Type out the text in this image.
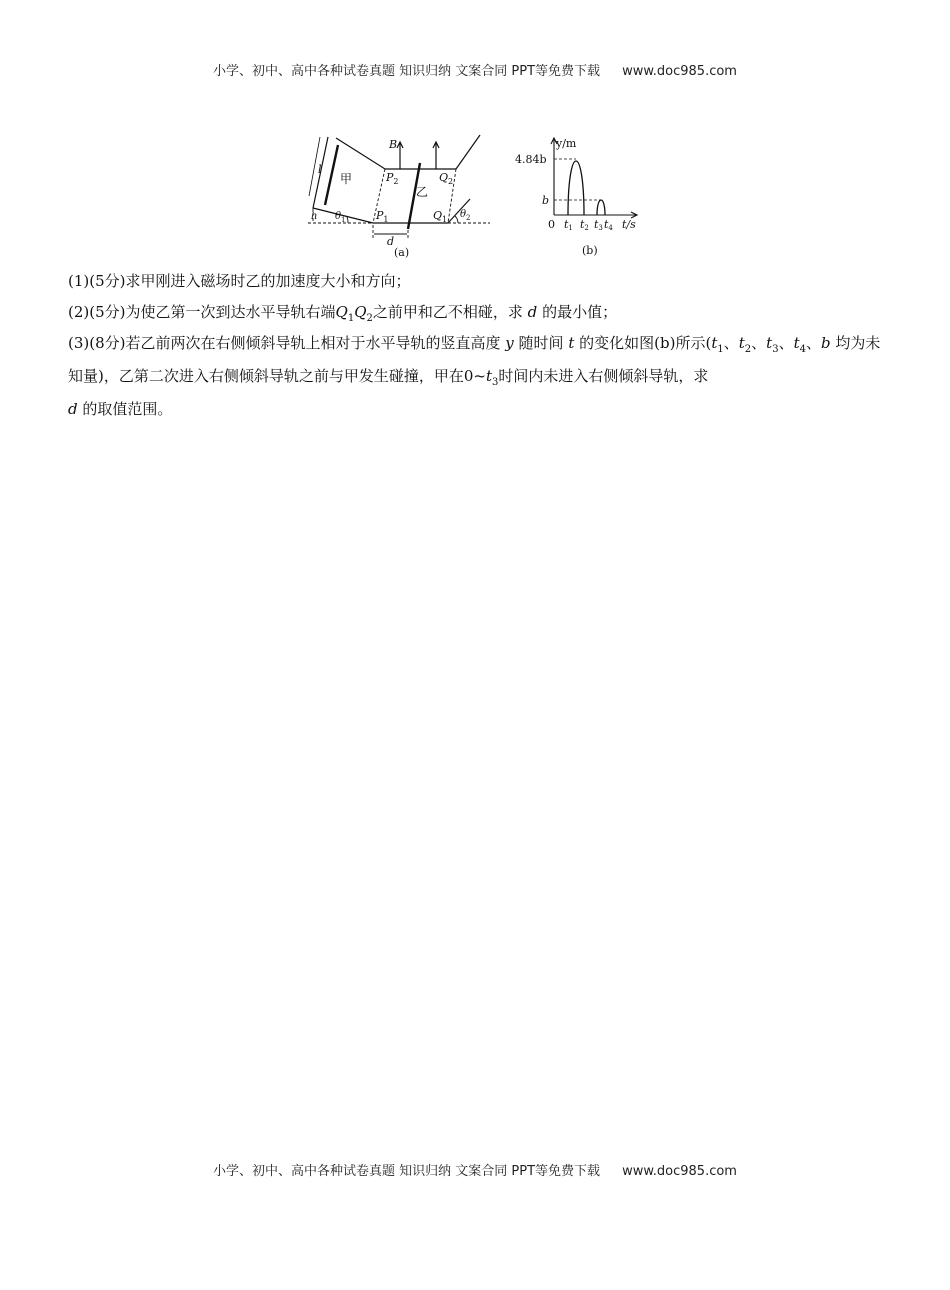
小学、初中、高中各种试卷真题 知识归纳 文案合同 PPT等免费下载 www.doc985.com
l
h
B
$P_2$	$Q_2$
$P_1$	$Q_1$
$\theta_1$	$\theta_2$
d
甲
乙
(a)
y/m
4.84b
b
0 t1 t2 t3 t4 t/s
(b)
(1)(5分)求甲刚进入磁场时乙的加速度大小和方向；
(2)(5分)为使乙第一次到达水平导轨右端$Q_1Q_2$之前甲和乙不相碰，求 d 的最小值；
(3)(8分)若乙前两次在右侧倾斜导轨上相对于水平导轨的竖直高度 y 随时间 t 的变化如图(b)所示($t_1$、$t_2$、$t_3$、$t_4$、b 均为未知量)，乙第二次进入右侧倾斜导轨之前与甲发生碰撞，甲在$0\sim t_3$时间内未进入右侧倾斜导轨，求
d 的取值范围。
小学、初中、高中各种试卷真题 知识归纳 文案合同 PPT等免费下载 www.doc985.com
